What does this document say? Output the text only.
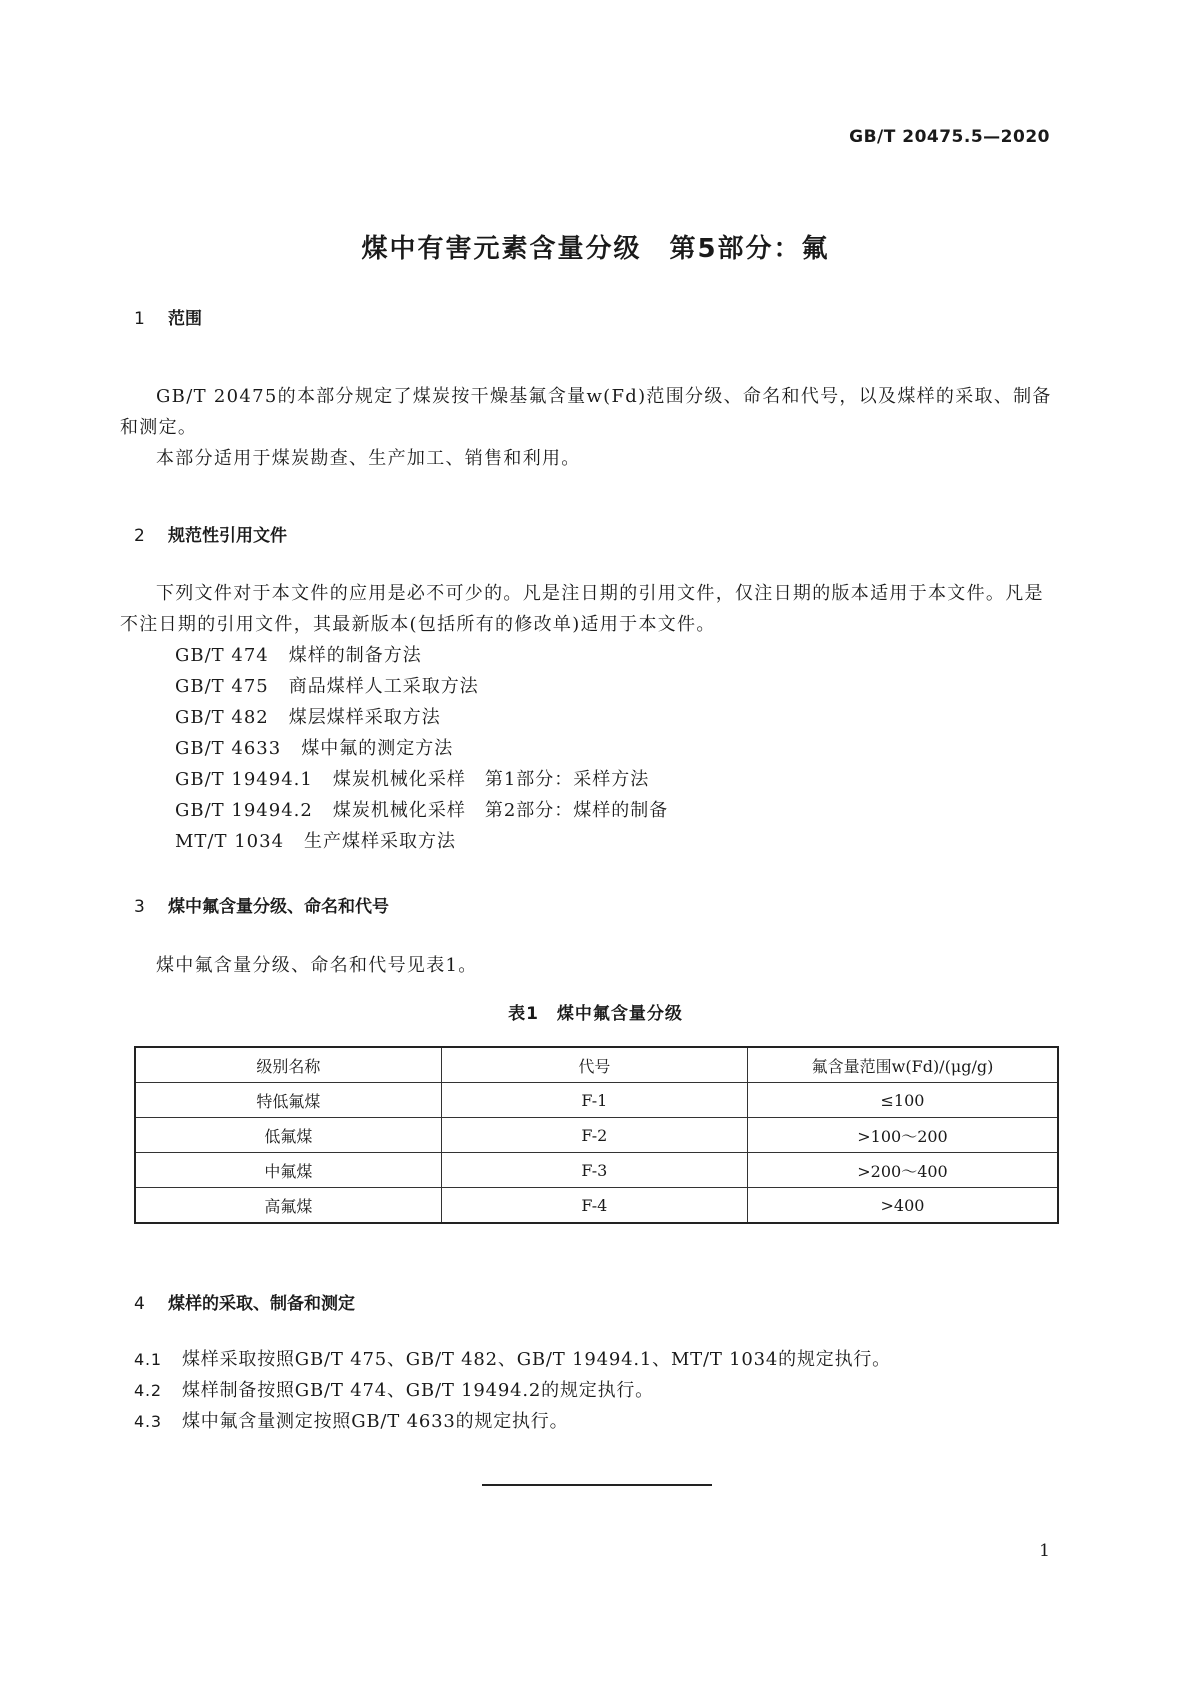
GB/T 20475.5—2020
煤中有害元素含量分级　第5部分：氟
1 范围

GB/T 20475的本部分规定了煤炭按干燥基氟含量w(Fd)范围分级、命名和代号，以及煤样的采取、制备和测定。

本部分适用于煤炭勘查、生产加工、销售和利用。

2 规范性引用文件

下列文件对于本文件的应用是必不可少的。凡是注日期的引用文件，仅注日期的版本适用于本文件。凡是不注日期的引用文件，其最新版本(包括所有的修改单)适用于本文件。

GB/T 474 煤样的制备方法
GB/T 475 商品煤样人工采取方法
GB/T 482 煤层煤样采取方法
GB/T 4633 煤中氟的测定方法
GB/T 19494.1 煤炭机械化采样　第1部分：采样方法
GB/T 19494.2 煤炭机械化采样　第2部分：煤样的制备
MT/T 1034 生产煤样采取方法
3 煤中氟含量分级、命名和代号

煤中氟含量分级、命名和代号见表1。

表1　煤中氟含量分级
级别名称	代号	氟含量范围w(Fd)/(μg/g)
特低氟煤	F-1	≤100
低氟煤	F-2	>100～200
中氟煤	F-3	>200～400
高氟煤	F-4	>400
4 煤样的采取、制备和测定
4.1 煤样采取按照GB/T 475、GB/T 482、GB/T 19494.1、MT/T 1034的规定执行。
4.2 煤样制备按照GB/T 474、GB/T 19494.2的规定执行。
4.3 煤中氟含量测定按照GB/T 4633的规定执行。
1
